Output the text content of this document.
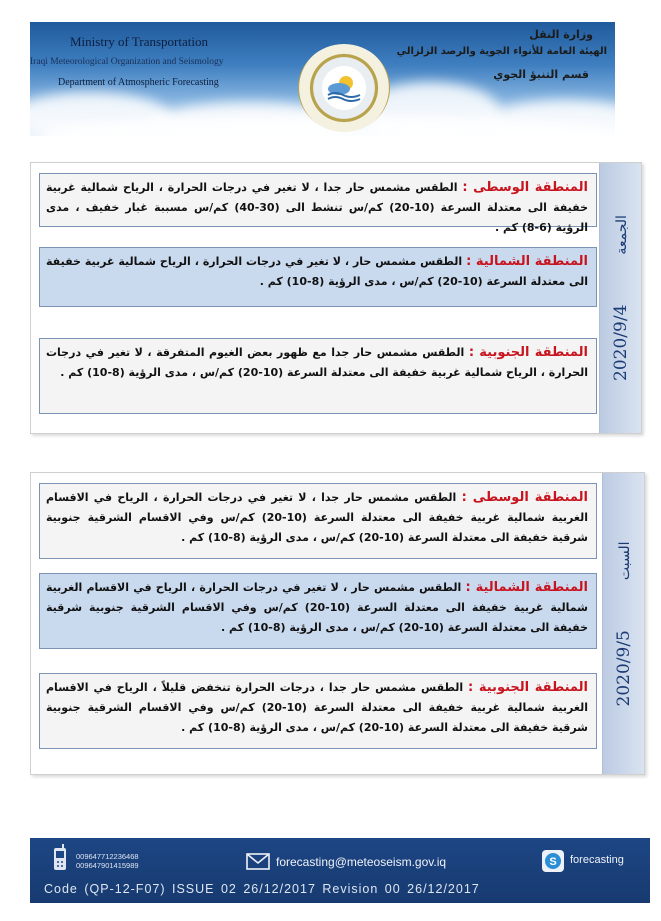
Ministry of Transportation
Iraqi Meteorological Organization and Seismology
Department of Atmospheric Forecasting
وزارة النقل
الهيئة العامة للأنواء الجوية والرصد الزلزالي
قسم التنبؤ الجوي
2020/9/4الجمعة
المنطقة الوسطى : الطقس مشمس حار جدا ، لا تغير في درجات الحرارة ، الرياح شمالية غربية خفيفة الى معتدلة السرعة (10-20) كم/س تنشط الى (30-40) كم/س مسببة غبار خفيف ، مدى الرؤية (6-8) كم .
المنطقة الشمالية : الطقس مشمس حار ، لا تغير في درجات الحرارة ، الرياح شمالية غربية خفيفة الى معتدلة السرعة (10-20) كم/س ، مدى الرؤية (8-10) كم .
المنطقة الجنوبية : الطقس مشمس حار جدا مع ظهور بعض الغيوم المتفرقة ، لا تغير في درجات الحرارة ، الرياح شمالية غربية خفيفة الى معتدلة السرعة (10-20) كم/س ، مدى الرؤية (8-10) كم .
2020/9/5السبت
المنطقة الوسطى : الطقس مشمس حار جدا ، لا تغير في درجات الحرارة ، الرياح في الاقسام الغربية شمالية غربية خفيفة الى معتدلة السرعة (10-20) كم/س وفي الاقسام الشرقية جنوبية شرقية خفيفة الى معتدلة السرعة (10-20) كم/س ، مدى الرؤية (8-10) كم .
المنطقة الشمالية : الطقس مشمس حار ، لا تغير في درجات الحرارة ، الرياح في الاقسام الغربية شمالية غربية خفيفة الى معتدلة السرعة (10-20) كم/س وفي الاقسام الشرقية جنوبية شرقية خفيفة الى معتدلة السرعة (10-20) كم/س ، مدى الرؤية (8-10) كم .
المنطقة الجنوبية : الطقس مشمس حار جدا ، درجات الحرارة تنخفض قليلاً ، الرياح في الاقسام الغربية شمالية غربية خفيفة الى معتدلة السرعة (10-20) كم/س وفي الاقسام الشرقية جنوبية شرقية خفيفة الى معتدلة السرعة (10-20) كم/س ، مدى الرؤية (8-10) كم .
009647712236468
009647901415989	forecasting@meteoseism.gov.iq	S forecasting
Code (QP-12-F07) ISSUE 02 26/12/2017 Revision 00 26/12/2017
